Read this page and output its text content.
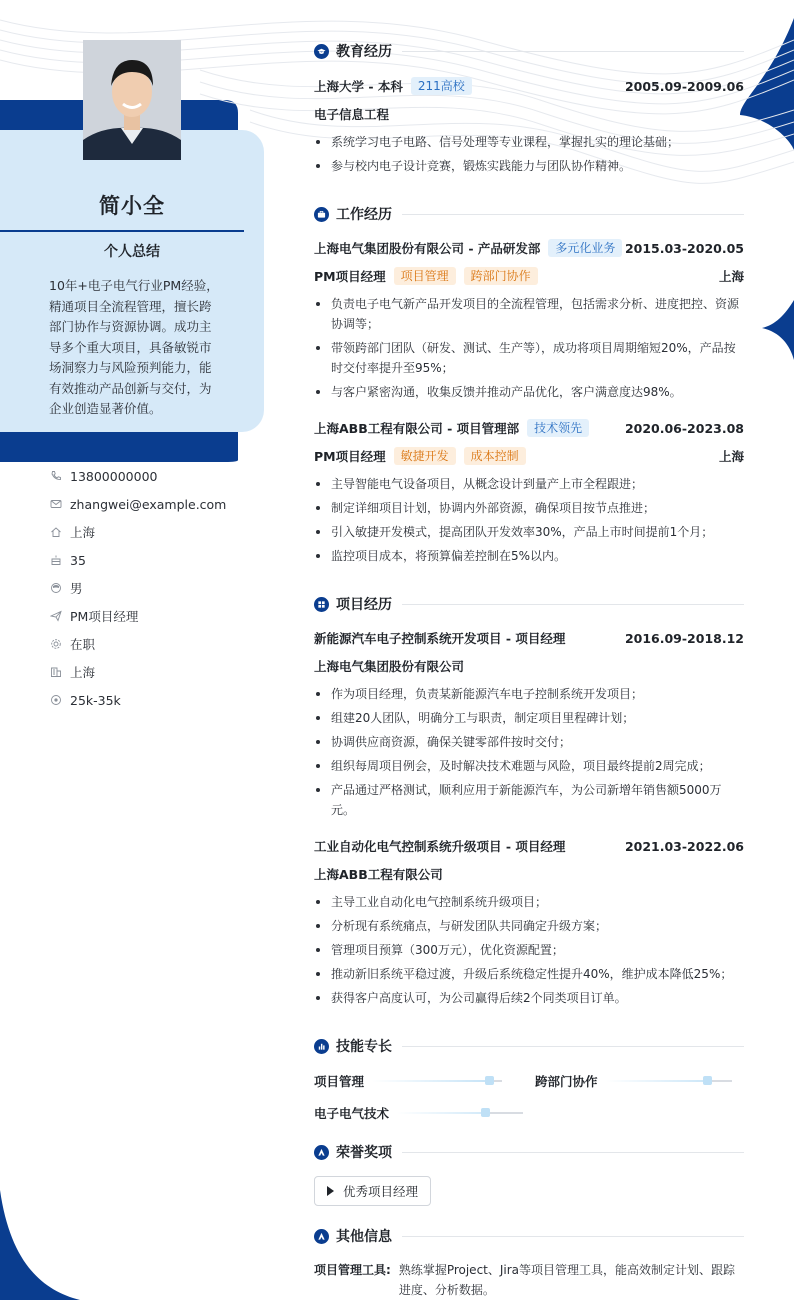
简小全
个人总结
10年+电子电气行业PM经验，精通项目全流程管理，擅长跨部门协作与资源协调。成功主导多个重大项目，具备敏锐市场洞察力与风险预判能力，能有效推动产品创新与交付，为企业创造显著价值。
13800000000
zhangwei@example.com
上海
35
男
PM项目经理
在职
上海
25k-35k
教育经历
上海大学 - 本科	211高校	2005.09-2009.06
电子信息工程
系统学习电子电路、信号处理等专业课程，掌握扎实的理论基础；
参与校内电子设计竞赛，锻炼实践能力与团队协作精神。
工作经历
上海电气集团股份有限公司 - 产品研发部	多元化业务 2015.03-2020.05
PM项目经理	项目管理	跨部门协作	上海
负责电子电气新产品开发项目的全流程管理，包括需求分析、进度把控、资源协调等；
带领跨部门团队（研发、测试、生产等），成功将项目周期缩短20%，产品按时交付率提升至95%；
与客户紧密沟通，收集反馈并推动产品优化，客户满意度达98%。
上海ABB工程有限公司 - 项目管理部	技术领先	2020.06-2023.08
PM项目经理	敏捷开发	成本控制	上海
主导智能电气设备项目，从概念设计到量产上市全程跟进；
制定详细项目计划，协调内外部资源，确保项目按节点推进；
引入敏捷开发模式，提高团队开发效率30%，产品上市时间提前1个月；
监控项目成本，将预算偏差控制在5%以内。
项目经历
新能源汽车电子控制系统开发项目 - 项目经理	2016.09-2018.12
上海电气集团股份有限公司
作为项目经理，负责某新能源汽车电子控制系统开发项目；
组建20人团队，明确分工与职责，制定项目里程碑计划；
协调供应商资源，确保关键零部件按时交付；
组织每周项目例会，及时解决技术难题与风险，项目最终提前2周完成；
产品通过严格测试，顺利应用于新能源汽车，为公司新增年销售额5000万元。
工业自动化电气控制系统升级项目 - 项目经理	2021.03-2022.06
上海ABB工程有限公司
主导工业自动化电气控制系统升级项目；
分析现有系统痛点，与研发团队共同确定升级方案；
管理项目预算（300万元），优化资源配置；
推动新旧系统平稳过渡，升级后系统稳定性提升40%，维护成本降低25%；
获得客户高度认可，为公司赢得后续2个同类项目订单。
技能专长
项目管理	跨部门协作
电子电气技术
荣誉奖项
优秀项目经理
其他信息
项目管理工具: 熟练掌握Project、Jira等项目管理工具，能高效制定计划、跟踪进度、分析数据。
